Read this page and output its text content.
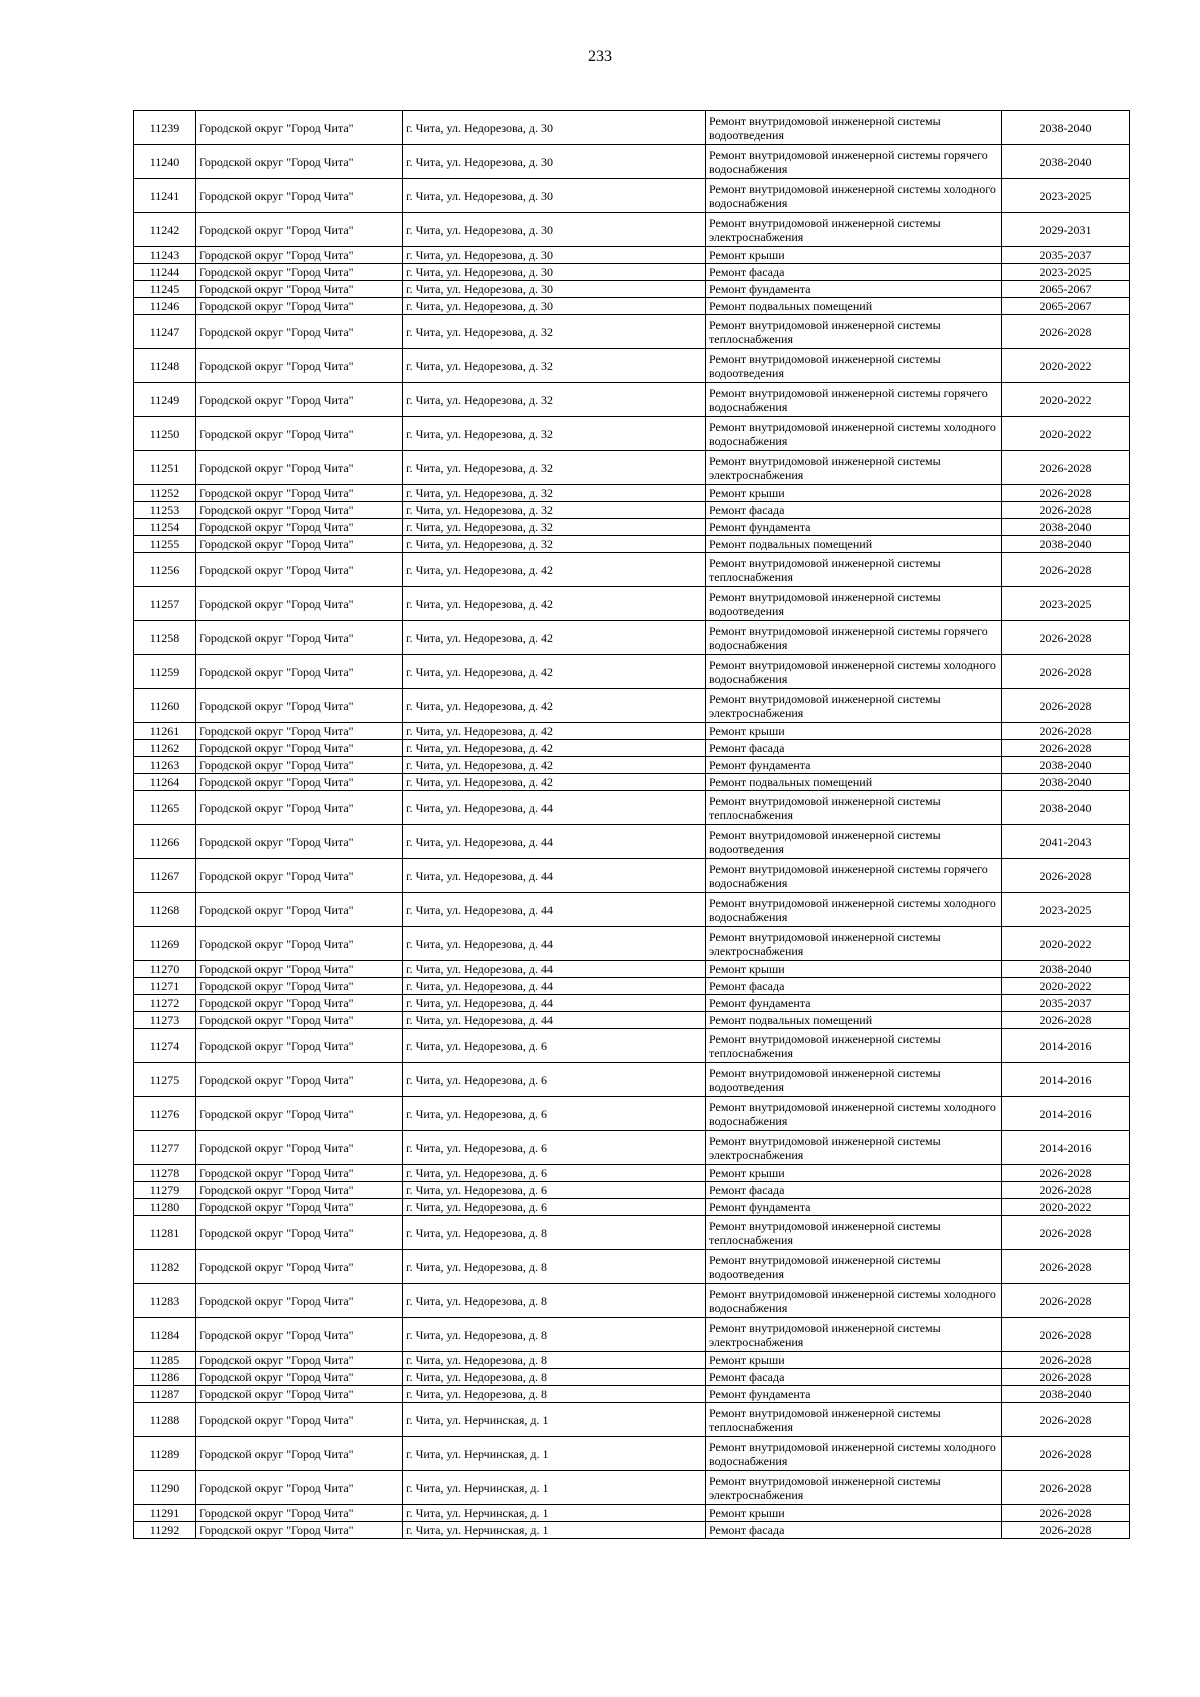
233
11239	Городской округ "Город Чита"	г. Чита, ул. Недорезова, д. 30	Ремонт внутридомовой инженерной системы водоотведения	2038-2040
11240	Городской округ "Город Чита"	г. Чита, ул. Недорезова, д. 30	Ремонт внутридомовой инженерной системы горячего водоснабжения	2038-2040
11241	Городской округ "Город Чита"	г. Чита, ул. Недорезова, д. 30	Ремонт внутридомовой инженерной системы холодного водоснабжения	2023-2025
11242	Городской округ "Город Чита"	г. Чита, ул. Недорезова, д. 30	Ремонт внутридомовой инженерной системы электроснабжения	2029-2031
11243	Городской округ "Город Чита"	г. Чита, ул. Недорезова, д. 30	Ремонт крыши	2035-2037
11244	Городской округ "Город Чита"	г. Чита, ул. Недорезова, д. 30	Ремонт фасада	2023-2025
11245	Городской округ "Город Чита"	г. Чита, ул. Недорезова, д. 30	Ремонт фундамента	2065-2067
11246	Городской округ "Город Чита"	г. Чита, ул. Недорезова, д. 30	Ремонт подвальных помещений	2065-2067
11247	Городской округ "Город Чита"	г. Чита, ул. Недорезова, д. 32	Ремонт внутридомовой инженерной системы теплоснабжения	2026-2028
11248	Городской округ "Город Чита"	г. Чита, ул. Недорезова, д. 32	Ремонт внутридомовой инженерной системы водоотведения	2020-2022
11249	Городской округ "Город Чита"	г. Чита, ул. Недорезова, д. 32	Ремонт внутридомовой инженерной системы горячего водоснабжения	2020-2022
11250	Городской округ "Город Чита"	г. Чита, ул. Недорезова, д. 32	Ремонт внутридомовой инженерной системы холодного водоснабжения	2020-2022
11251	Городской округ "Город Чита"	г. Чита, ул. Недорезова, д. 32	Ремонт внутридомовой инженерной системы электроснабжения	2026-2028
11252	Городской округ "Город Чита"	г. Чита, ул. Недорезова, д. 32	Ремонт крыши	2026-2028
11253	Городской округ "Город Чита"	г. Чита, ул. Недорезова, д. 32	Ремонт фасада	2026-2028
11254	Городской округ "Город Чита"	г. Чита, ул. Недорезова, д. 32	Ремонт фундамента	2038-2040
11255	Городской округ "Город Чита"	г. Чита, ул. Недорезова, д. 32	Ремонт подвальных помещений	2038-2040
11256	Городской округ "Город Чита"	г. Чита, ул. Недорезова, д. 42	Ремонт внутридомовой инженерной системы теплоснабжения	2026-2028
11257	Городской округ "Город Чита"	г. Чита, ул. Недорезова, д. 42	Ремонт внутридомовой инженерной системы водоотведения	2023-2025
11258	Городской округ "Город Чита"	г. Чита, ул. Недорезова, д. 42	Ремонт внутридомовой инженерной системы горячего водоснабжения	2026-2028
11259	Городской округ "Город Чита"	г. Чита, ул. Недорезова, д. 42	Ремонт внутридомовой инженерной системы холодного водоснабжения	2026-2028
11260	Городской округ "Город Чита"	г. Чита, ул. Недорезова, д. 42	Ремонт внутридомовой инженерной системы электроснабжения	2026-2028
11261	Городской округ "Город Чита"	г. Чита, ул. Недорезова, д. 42	Ремонт крыши	2026-2028
11262	Городской округ "Город Чита"	г. Чита, ул. Недорезова, д. 42	Ремонт фасада	2026-2028
11263	Городской округ "Город Чита"	г. Чита, ул. Недорезова, д. 42	Ремонт фундамента	2038-2040
11264	Городской округ "Город Чита"	г. Чита, ул. Недорезова, д. 42	Ремонт подвальных помещений	2038-2040
11265	Городской округ "Город Чита"	г. Чита, ул. Недорезова, д. 44	Ремонт внутридомовой инженерной системы теплоснабжения	2038-2040
11266	Городской округ "Город Чита"	г. Чита, ул. Недорезова, д. 44	Ремонт внутридомовой инженерной системы водоотведения	2041-2043
11267	Городской округ "Город Чита"	г. Чита, ул. Недорезова, д. 44	Ремонт внутридомовой инженерной системы горячего водоснабжения	2026-2028
11268	Городской округ "Город Чита"	г. Чита, ул. Недорезова, д. 44	Ремонт внутридомовой инженерной системы холодного водоснабжения	2023-2025
11269	Городской округ "Город Чита"	г. Чита, ул. Недорезова, д. 44	Ремонт внутридомовой инженерной системы электроснабжения	2020-2022
11270	Городской округ "Город Чита"	г. Чита, ул. Недорезова, д. 44	Ремонт крыши	2038-2040
11271	Городской округ "Город Чита"	г. Чита, ул. Недорезова, д. 44	Ремонт фасада	2020-2022
11272	Городской округ "Город Чита"	г. Чита, ул. Недорезова, д. 44	Ремонт фундамента	2035-2037
11273	Городской округ "Город Чита"	г. Чита, ул. Недорезова, д. 44	Ремонт подвальных помещений	2026-2028
11274	Городской округ "Город Чита"	г. Чита, ул. Недорезова, д. 6	Ремонт внутридомовой инженерной системы теплоснабжения	2014-2016
11275	Городской округ "Город Чита"	г. Чита, ул. Недорезова, д. 6	Ремонт внутридомовой инженерной системы водоотведения	2014-2016
11276	Городской округ "Город Чита"	г. Чита, ул. Недорезова, д. 6	Ремонт внутридомовой инженерной системы холодного водоснабжения	2014-2016
11277	Городской округ "Город Чита"	г. Чита, ул. Недорезова, д. 6	Ремонт внутридомовой инженерной системы электроснабжения	2014-2016
11278	Городской округ "Город Чита"	г. Чита, ул. Недорезова, д. 6	Ремонт крыши	2026-2028
11279	Городской округ "Город Чита"	г. Чита, ул. Недорезова, д. 6	Ремонт фасада	2026-2028
11280	Городской округ "Город Чита"	г. Чита, ул. Недорезова, д. 6	Ремонт фундамента	2020-2022
11281	Городской округ "Город Чита"	г. Чита, ул. Недорезова, д. 8	Ремонт внутридомовой инженерной системы теплоснабжения	2026-2028
11282	Городской округ "Город Чита"	г. Чита, ул. Недорезова, д. 8	Ремонт внутридомовой инженерной системы водоотведения	2026-2028
11283	Городской округ "Город Чита"	г. Чита, ул. Недорезова, д. 8	Ремонт внутридомовой инженерной системы холодного водоснабжения	2026-2028
11284	Городской округ "Город Чита"	г. Чита, ул. Недорезова, д. 8	Ремонт внутридомовой инженерной системы электроснабжения	2026-2028
11285	Городской округ "Город Чита"	г. Чита, ул. Недорезова, д. 8	Ремонт крыши	2026-2028
11286	Городской округ "Город Чита"	г. Чита, ул. Недорезова, д. 8	Ремонт фасада	2026-2028
11287	Городской округ "Город Чита"	г. Чита, ул. Недорезова, д. 8	Ремонт фундамента	2038-2040
11288	Городской округ "Город Чита"	г. Чита, ул. Нерчинская, д. 1	Ремонт внутридомовой инженерной системы теплоснабжения	2026-2028
11289	Городской округ "Город Чита"	г. Чита, ул. Нерчинская, д. 1	Ремонт внутридомовой инженерной системы холодного водоснабжения	2026-2028
11290	Городской округ "Город Чита"	г. Чита, ул. Нерчинская, д. 1	Ремонт внутридомовой инженерной системы электроснабжения	2026-2028
11291	Городской округ "Город Чита"	г. Чита, ул. Нерчинская, д. 1	Ремонт крыши	2026-2028
11292	Городской округ "Город Чита"	г. Чита, ул. Нерчинская, д. 1	Ремонт фасада	2026-2028
